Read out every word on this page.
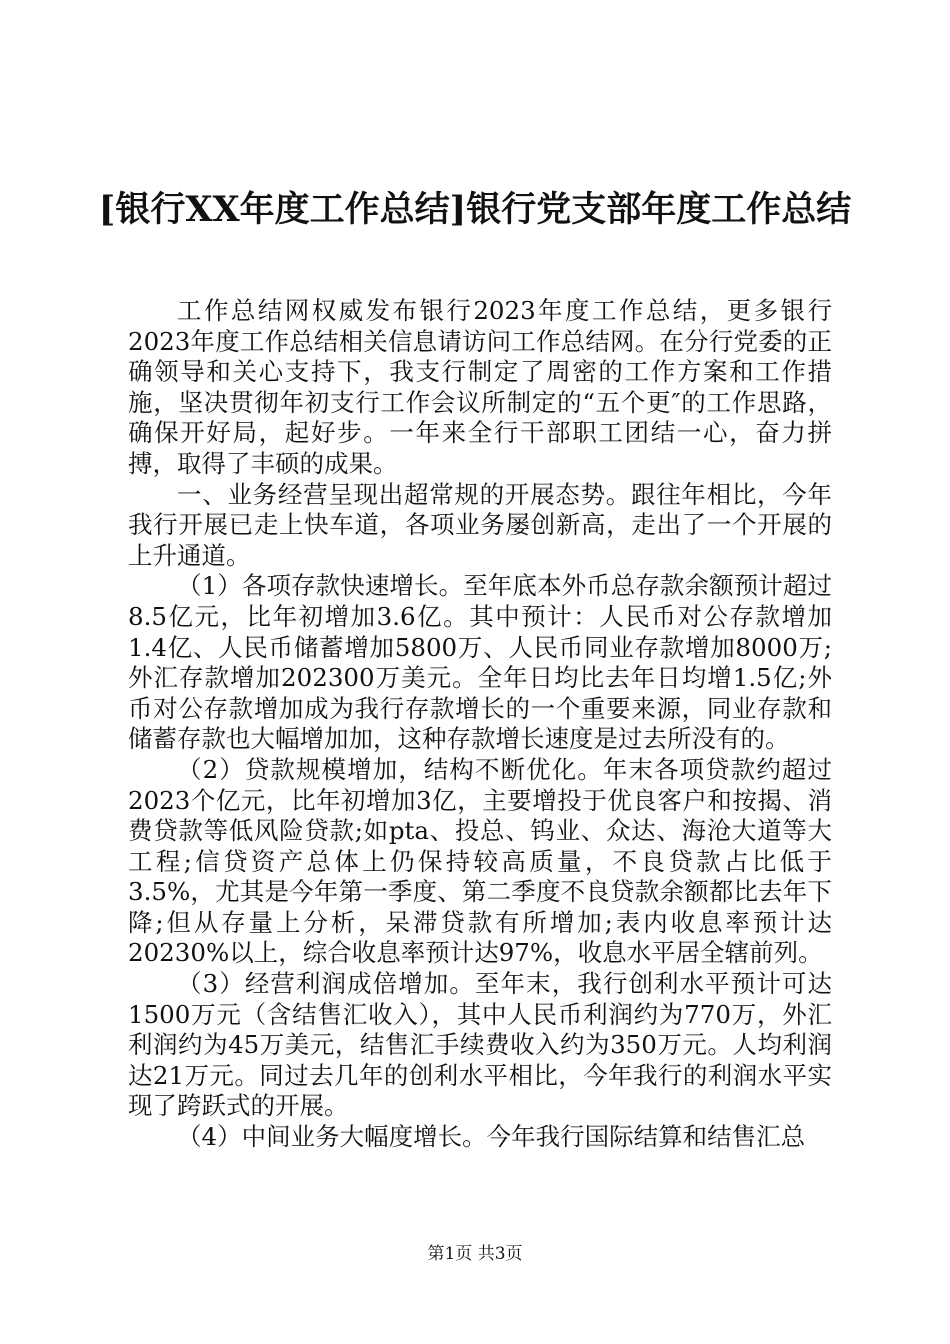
[银行XX年度工作总结]银行党支部年度工作总结

工作总结网权威发布银行2023年度工作总结，更多银行2023年度工作总结相关信息请访问工作总结网。在分行党委的正确领导和关心支持下，我支行制定了周密的工作方案和工作措施，坚决贯彻年初支行工作会议所制定的“五个更″的工作思路，确保开好局，起好步。一年来全行干部职工团结一心，奋力拼搏，取得了丰硕的成果。

一、业务经营呈现出超常规的开展态势。跟往年相比，今年我行开展已走上快车道，各项业务屡创新高，走出了一个开展的上升通道。

（1）各项存款快速增长。至年底本外币总存款余额预计超过8.5亿元，比年初增加3.6亿。其中预计：人民币对公存款增加1.4亿、人民币储蓄增加5800万、人民币同业存款增加8000万;外汇存款增加202300万美元。全年日均比去年日均增1.5亿;外币对公存款增加成为我行存款增长的一个重要来源，同业存款和储蓄存款也大幅增加加，这种存款增长速度是过去所没有的。

（2）贷款规模增加，结构不断优化。年末各项贷款约超过2023个亿元，比年初增加3亿，主要增投于优良客户和按揭、消费贷款等低风险贷款;如pta、投总、钨业、众达、海沧大道等大工程;信贷资产总体上仍保持较高质量，不良贷款占比低于3.5%，尤其是今年第一季度、第二季度不良贷款余额都比去年下降;但从存量上分析，呆滞贷款有所增加;表内收息率预计达20230%以上，综合收息率预计达97%，收息水平居全辖前列。

（3）经营利润成倍增加。至年末，我行创利水平预计可达1500万元（含结售汇收入），其中人民币利润约为770万，外汇利润约为45万美元，结售汇手续费收入约为350万元。人均利润达21万元。同过去几年的创利水平相比，今年我行的利润水平实现了跨跃式的开展。

（4）中间业务大幅度增长。今年我行国际结算和结售汇总

第1页 共3页
